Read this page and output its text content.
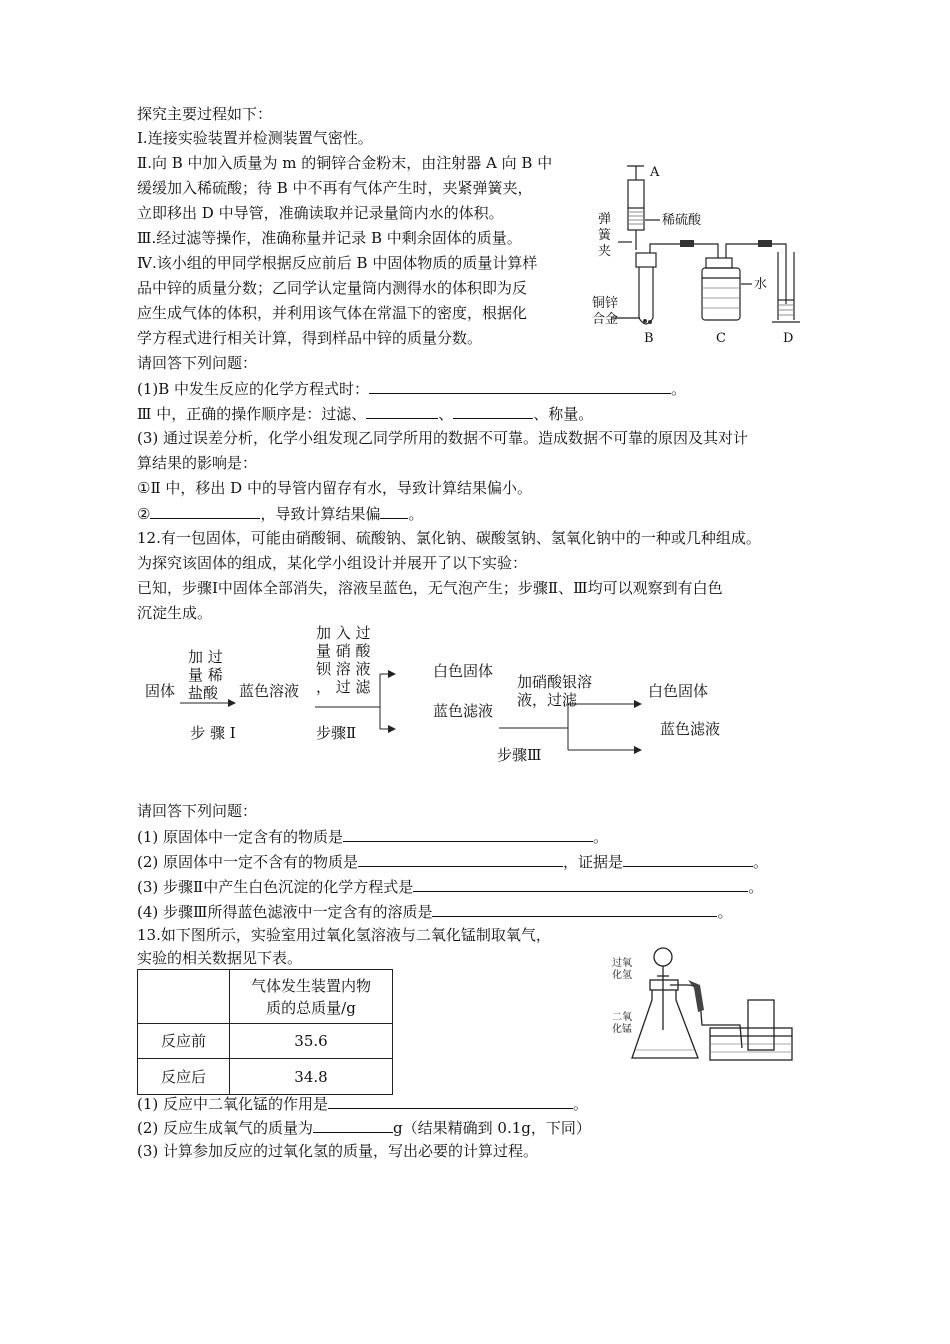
探究主要过程如下：
Ⅰ.连接实验装置并检测装置气密性。
Ⅱ.向 B 中加入质量为 m 的铜锌合金粉末，由注射器 A 向 B 中
缓缓加入稀硫酸；待 B 中不再有气体产生时，夹紧弹簧夹，
立即移出 D 中导管，准确读取并记录量筒内水的体积。
Ⅲ.经过滤等操作，准确称量并记录 B 中剩余固体的质量。
Ⅳ.该小组的甲同学根据反应前后 B 中固体物质的质量计算样
品中锌的质量分数；乙同学认定量筒内测得水的体积即为反
应生成气体的体积，并利用该气体在常温下的密度，根据化
学方程式进行相关计算，得到样品中锌的质量分数。
请回答下列问题：
(1)B 中发生反应的化学方程式时：	。
Ⅲ 中，正确的操作顺序是：过滤、	、	、称量。
(3) 通过误差分析，化学小组发现乙同学所用的数据不可靠。造成数据不可靠的原因及其对计
算结果的影响是：
①Ⅱ 中，移出 D 中的导管内留存有水，导致计算结果偏小。
②	，导致计算结果偏 。
A
稀硫酸
弹簧夹
水
铜锌合金
B	C	D
12.有一包固体，可能由硝酸铜、硫酸钠、氯化钠、碳酸氢钠、氢氧化钠中的一种或几种组成。
为探究该固体的组成，某化学小组设计并展开了以下实验：
已知，步骤Ⅰ中固体全部消失，溶液呈蓝色，无气泡产生；步骤Ⅱ、Ⅲ均可以观察到有白色
沉淀生成。
固体
加 过 量 稀 盐酸
步 骤 Ⅰ
蓝色溶液
加 入 过 量 硝 酸 钡 溶 液 ， 过 滤
步骤Ⅱ
白色固体
蓝色滤液
加硝酸银溶液，过滤
步骤Ⅲ
白色固体
蓝色滤液
请回答下列问题：
(1) 原固体中一定含有的物质是	。
(2) 原固体中一定不含有的物质是	，证据是	。
(3) 步骤Ⅱ中产生白色沉淀的化学方程式是	。
(4) 步骤Ⅲ所得蓝色滤液中一定含有的溶质是	。
13.如下图所示，实验室用过氧化氢溶液与二氧化锰制取氧气，
实验的相关数据见下表。
	气体发生装置内物质的总质量/g
反应前	35.6
反应后	34.8
过氧化氢
二氧化锰
(1) 反应中二氧化锰的作用是	。
(2) 反应生成氧气的质量为	g（结果精确到 0.1g，下同）
(3) 计算参加反应的过氧化氢的质量，写出必要的计算过程。
